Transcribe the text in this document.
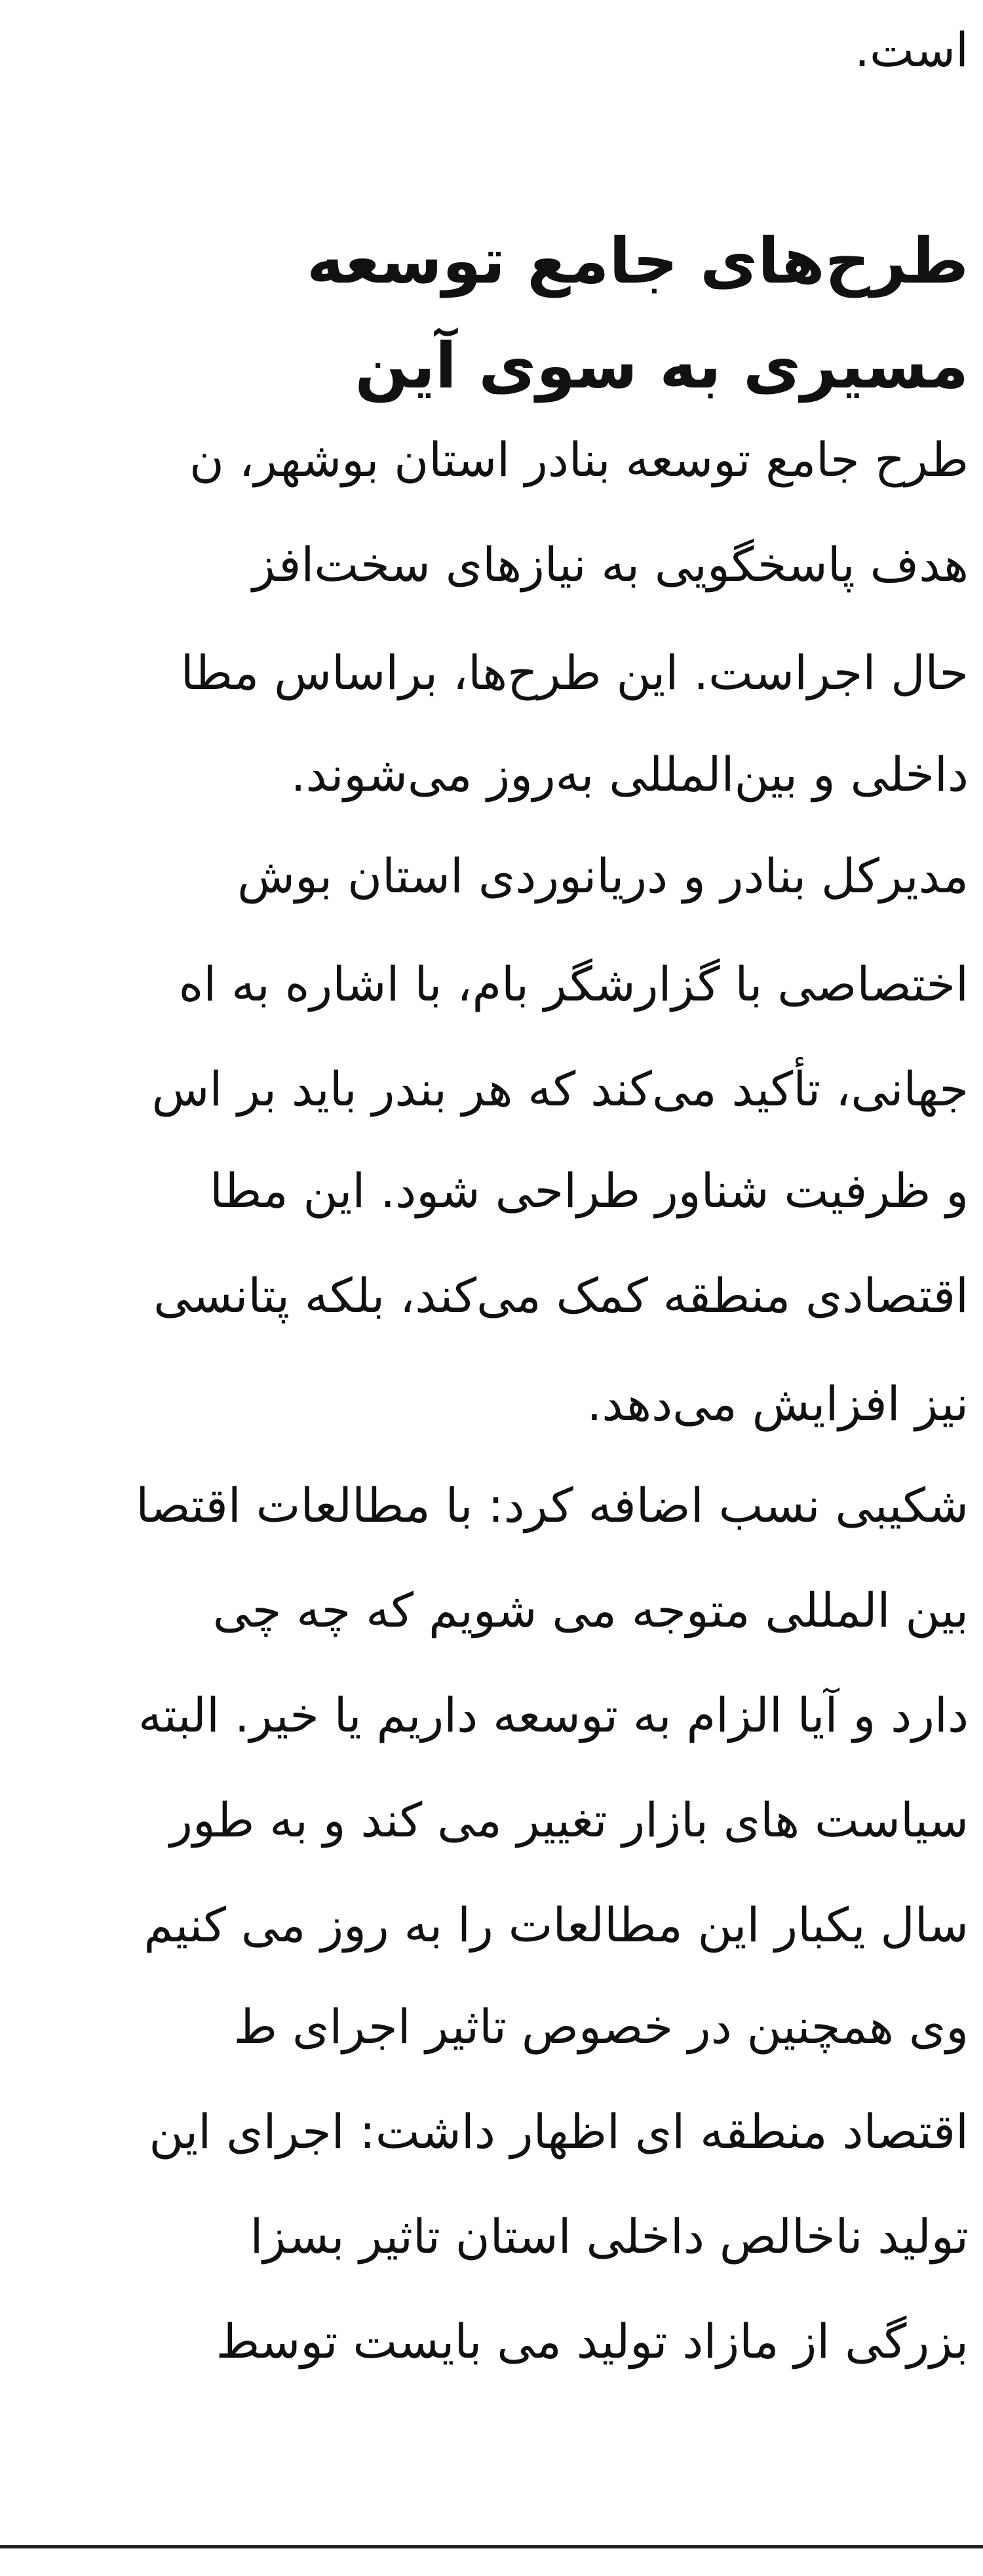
است.
طرح‌های جامع توسعه
مسیری به سوی آین
طرح جامع توسعه بنادر استان بوشهر، ن
هدف پاسخگویی به نیازهای سخت‌افز
حال اجراست. این طرح‌ها، براساس مطا
داخلی و بین‌المللی به‌روز می‌شوند.
مدیرکل بنادر و دریانوردی استان بوش
اختصاصی با گزارشگر بام، با اشاره به اه
جهانی، تأکید می‌کند که هر بندر باید بر اس
و ظرفیت شناور طراحی شود. این مطا
اقتصادی منطقه کمک می‌کند، بلکه پتانسی
نیز افزایش می‌دهد.
شکیبی نسب اضافه کرد: با مطالعات اقتصا
بین المللی متوجه می شویم که چه چی
دارد و آیا الزام به توسعه داریم یا خیر. البته
سیاست های بازار تغییر می کند و به طور
سال یکبار این مطالعات را به روز می کنیم
وی همچنین در خصوص تاثیر اجرای ط
اقتصاد منطقه ای اظهار داشت: اجرای این
تولید ناخالص داخلی استان تاثیر بسزا
بزرگی از مازاد تولید می بایست توسط
